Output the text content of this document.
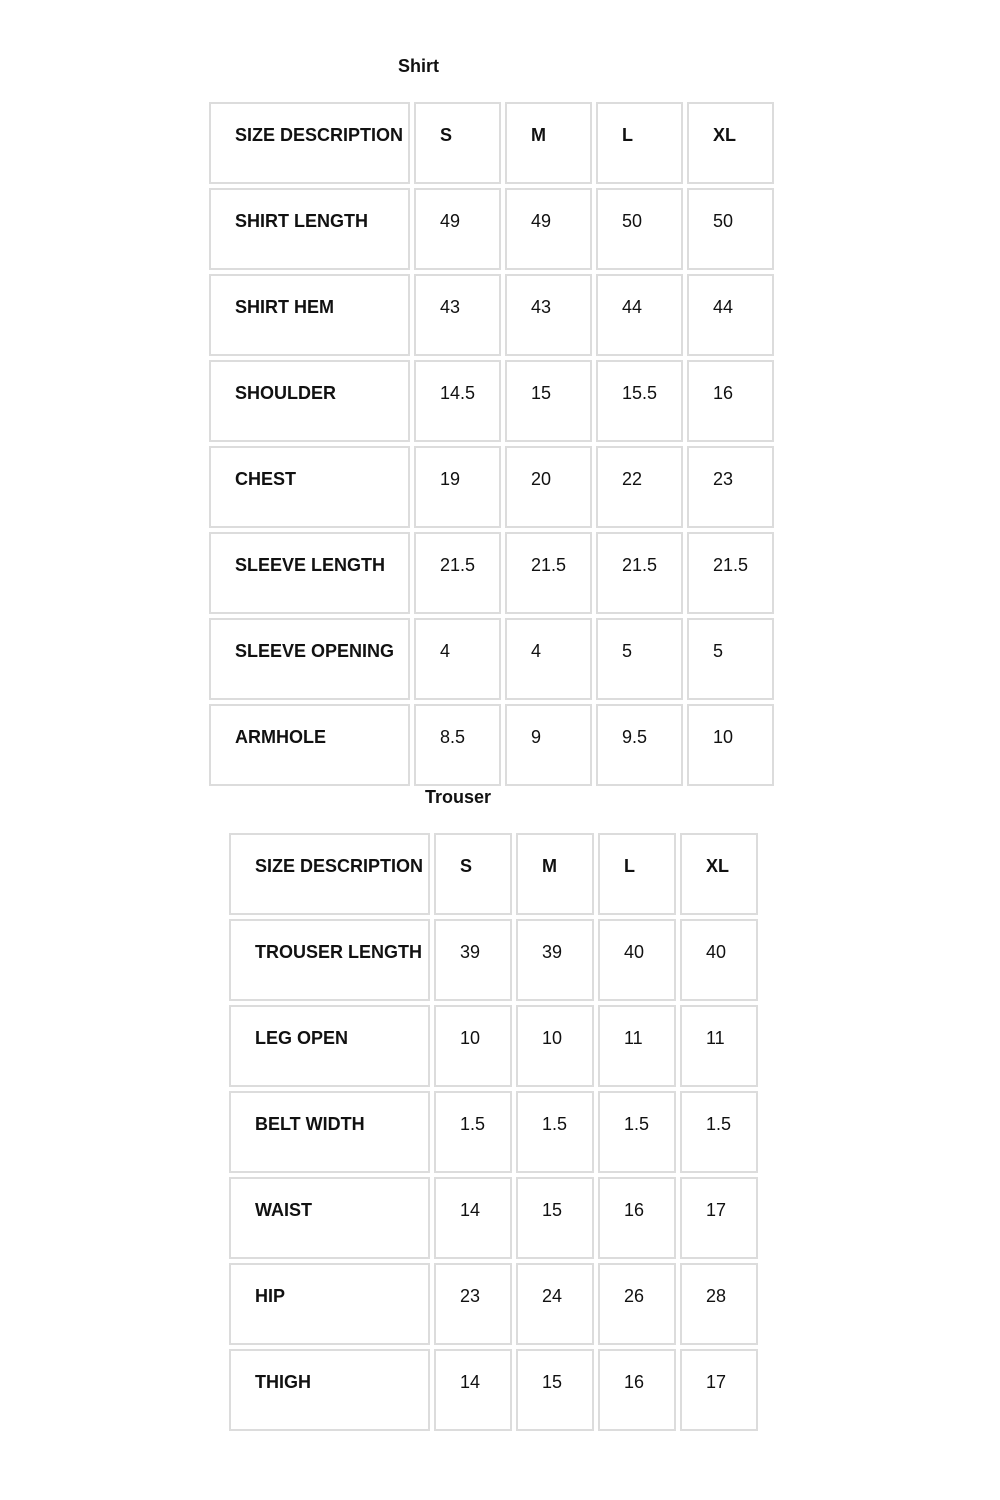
Shirt
SIZE DESCRIPTION	S	M	L	XL
SHIRT LENGTH	49	49	50	50
SHIRT HEM	43	43	44	44
SHOULDER	14.5	15	15.5	16
CHEST	19	20	22	23
SLEEVE LENGTH	21.5	21.5	21.5	21.5
SLEEVE OPENING	4	4	5	5
ARMHOLE	8.5	9	9.5	10
Trouser
SIZE DESCRIPTION	S	M	L	XL
TROUSER LENGTH	39	39	40	40
LEG OPEN	10	10	11	11
BELT WIDTH	1.5	1.5	1.5	1.5
WAIST	14	15	16	17
HIP	23	24	26	28
THIGH	14	15	16	17
